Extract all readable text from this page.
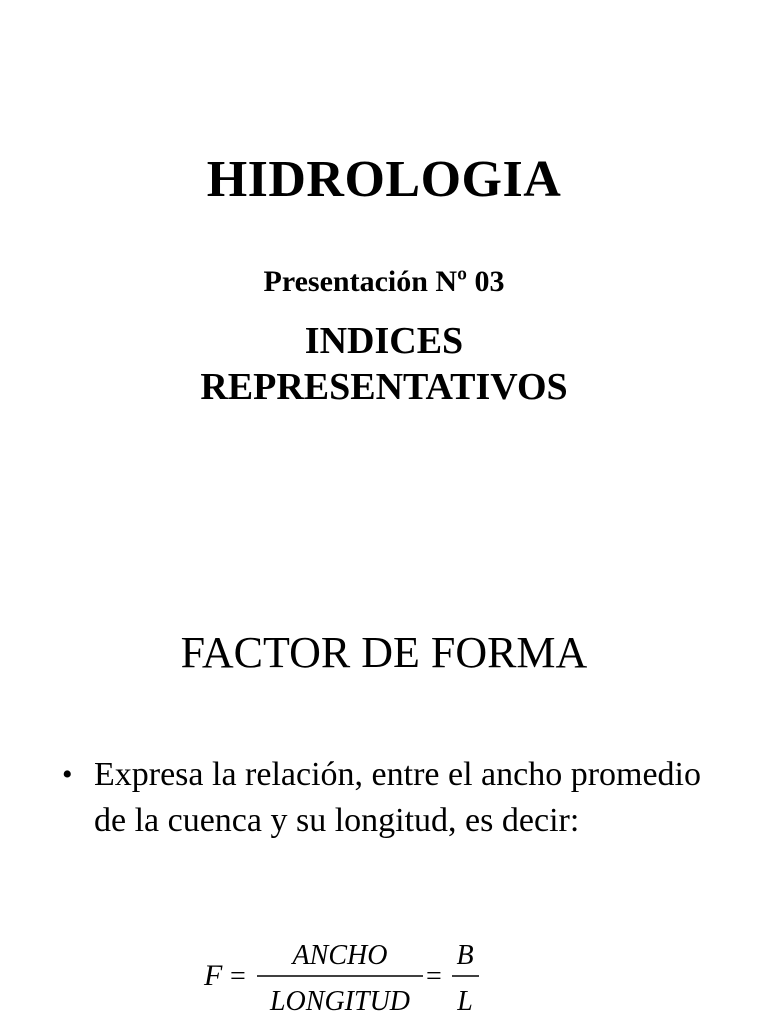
HIDROLOGIA
Presentación Nº 03
INDICES
REPRESENTATIVOS
FACTOR DE FORMA
• Expresa la relación, entre el ancho promedio de la cuenca y su longitud, es decir:
F =
ANCHO
LONGITUD
=
B
L
